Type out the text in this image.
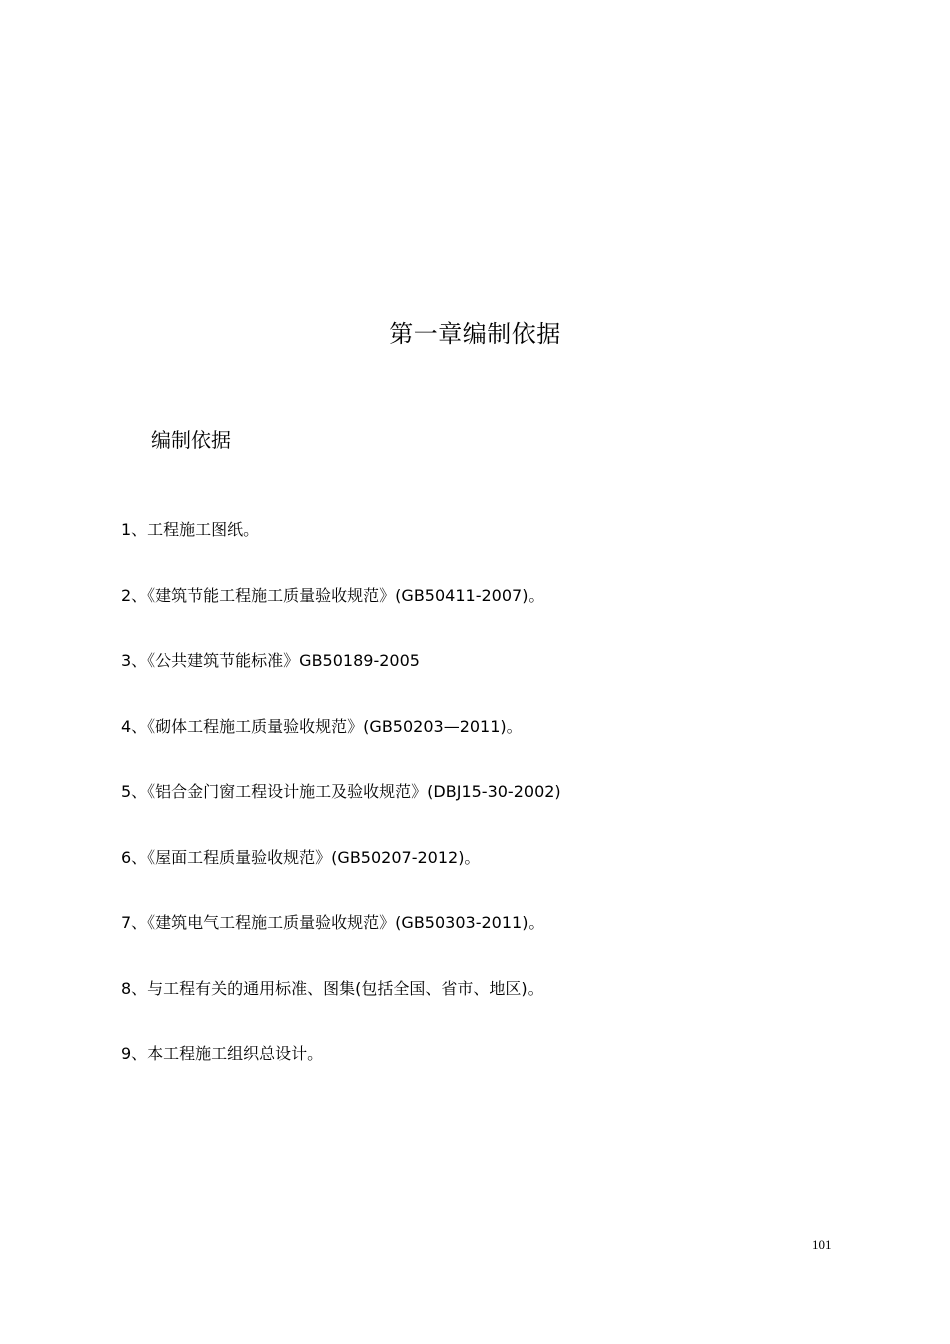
第一章编制依据
编制依据
1、工程施工图纸。
2、《建筑节能工程施工质量验收规范》(GB50411-2007)。
3、《公共建筑节能标准》GB50189-2005
4、《砌体工程施工质量验收规范》(GB50203—2011)。
5、《铝合金门窗工程设计施工及验收规范》(DBJ15-30-2002)
6、《屋面工程质量验收规范》(GB50207-2012)。
7、《建筑电气工程施工质量验收规范》(GB50303-2011)。
8、与工程有关的通用标准、图集(包括全国、省市、地区)。
9、本工程施工组织总设计。
101
